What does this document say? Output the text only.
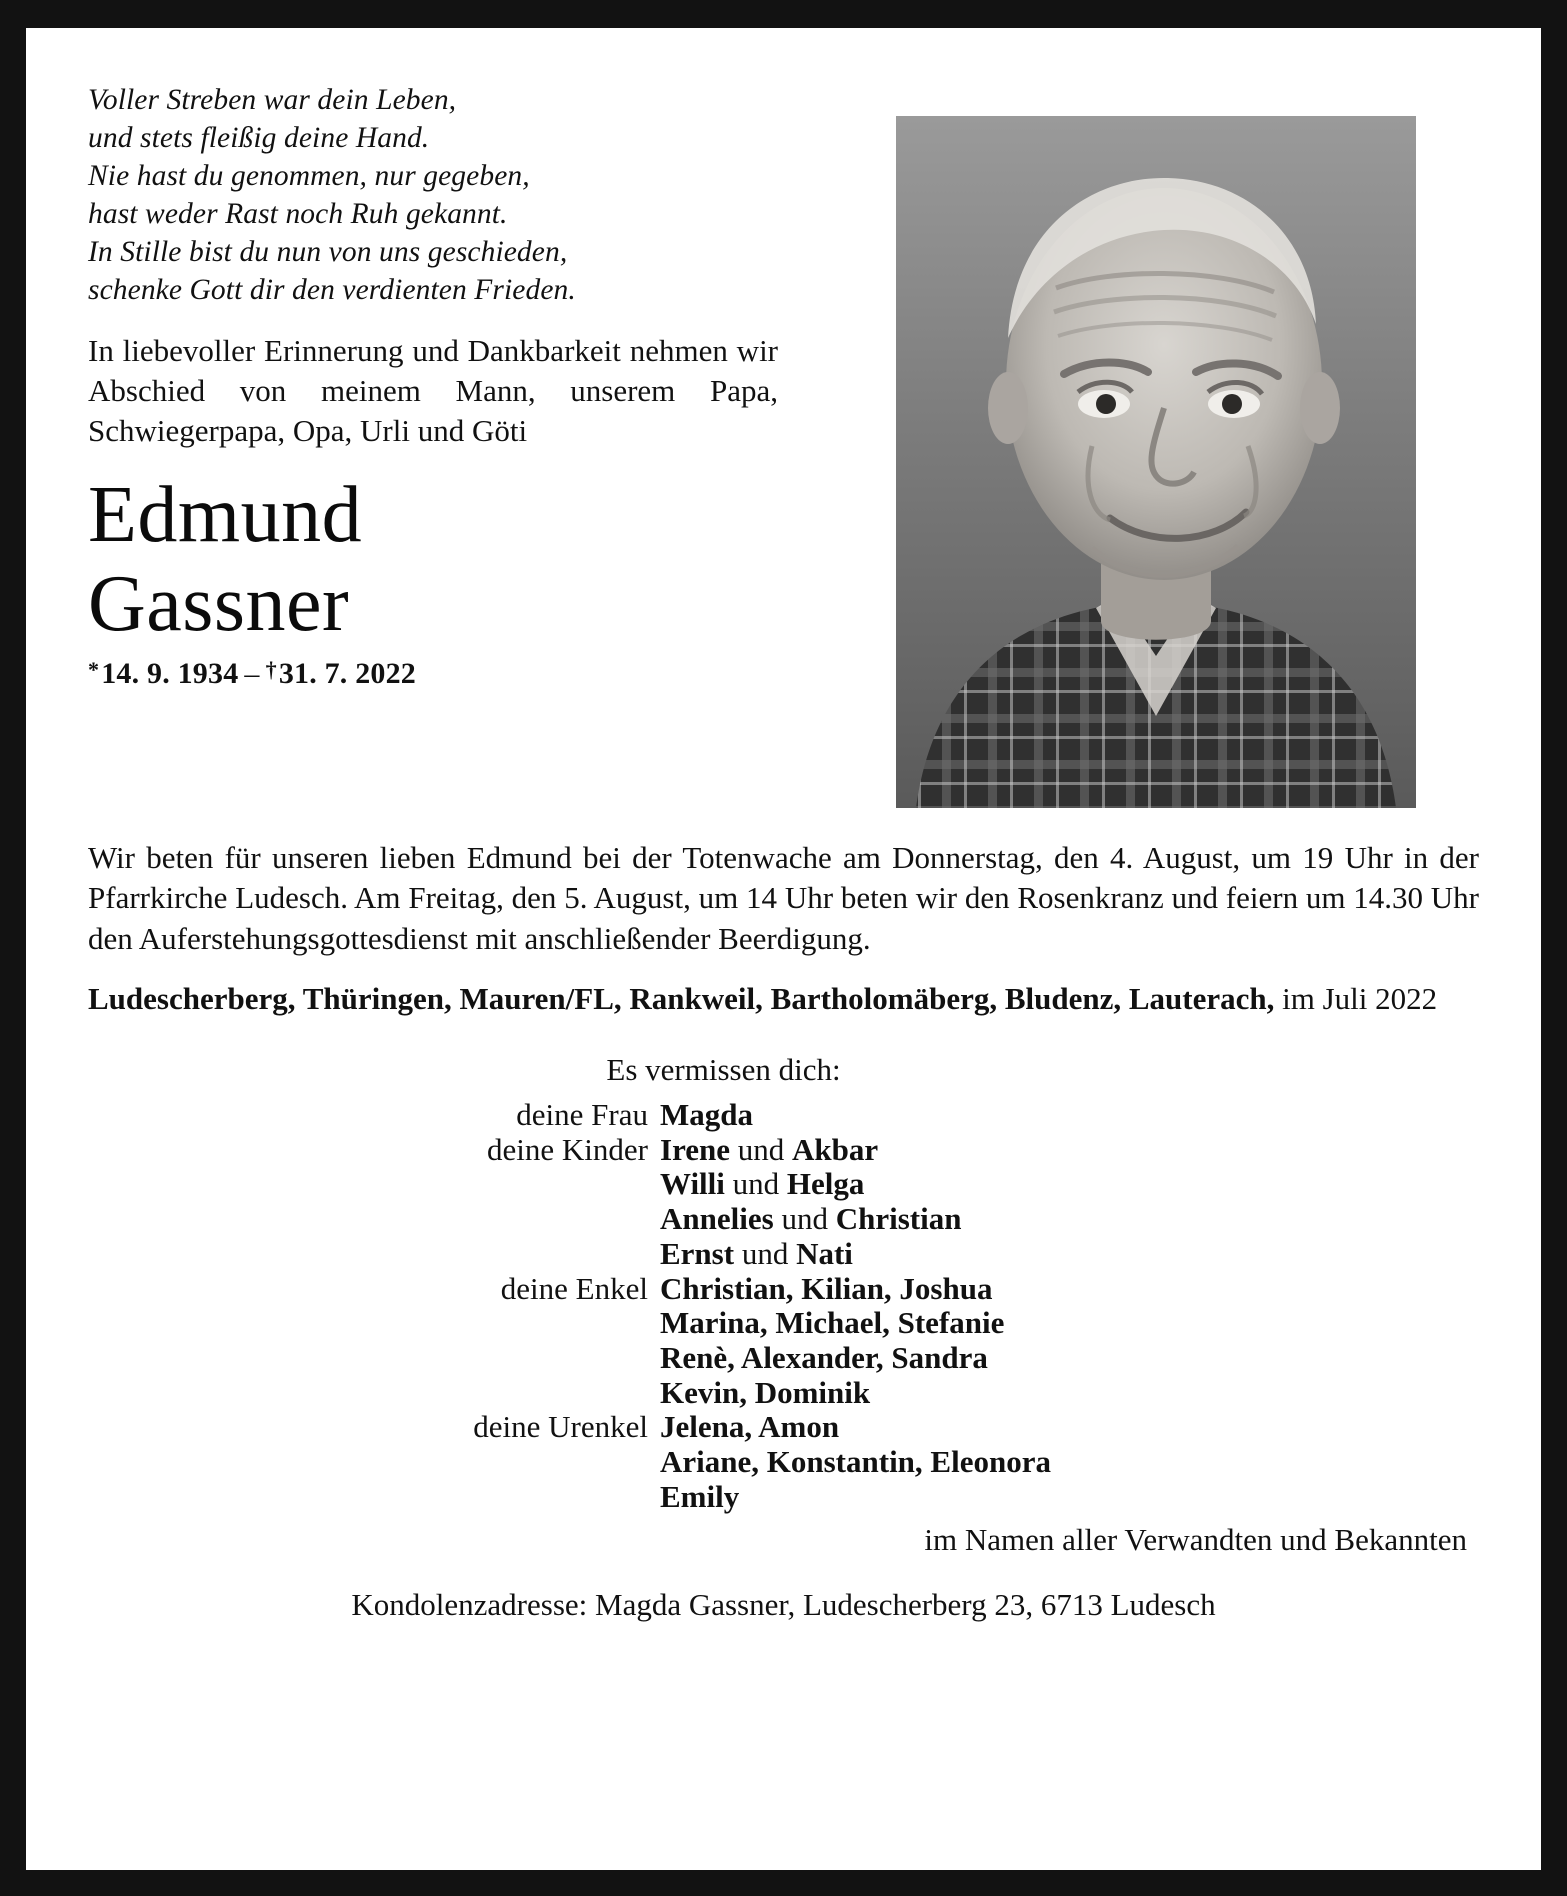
Voller Streben war dein Leben,
und stets fleißig deine Hand.
Nie hast du genommen, nur gegeben,
hast weder Rast noch Ruh gekannt.
In Stille bist du nun von uns geschieden,
schenke Gott dir den verdienten Frieden.
In liebevoller Erinnerung und Dankbarkeit nehmen wir Abschied von meinem Mann, unserem Papa, Schwiegerpapa, Opa, Urli und Göti
Edmund
Gassner
*14. 9. 1934 – †31. 7. 2022
Wir beten für unseren lieben Edmund bei der Totenwache am Donnerstag, den 4. August, um 19 Uhr in der Pfarrkirche Ludesch. Am Freitag, den 5. August, um 14 Uhr beten wir den Rosenkranz und feiern um 14.30 Uhr den Auferstehungsgottesdienst mit anschließender Beerdigung.
Ludescherberg, Thüringen, Mauren/FL, Rankweil, Bartholomäberg, Bludenz, Lauterach, im Juli 2022
Es vermissen dich:
deine Frau Magda
deine Kinder Irene und Akbar
Willi und Helga
Annelies und Christian
Ernst und Nati
deine Enkel Christian, Kilian, Joshua
Marina, Michael, Stefanie
Renè, Alexander, Sandra
Kevin, Dominik
deine Urenkel Jelena, Amon
Ariane, Konstantin, Eleonora
Emily
im Namen aller Verwandten und Bekannten
Kondolenzadresse: Magda Gassner, Ludescherberg 23, 6713 Ludesch
